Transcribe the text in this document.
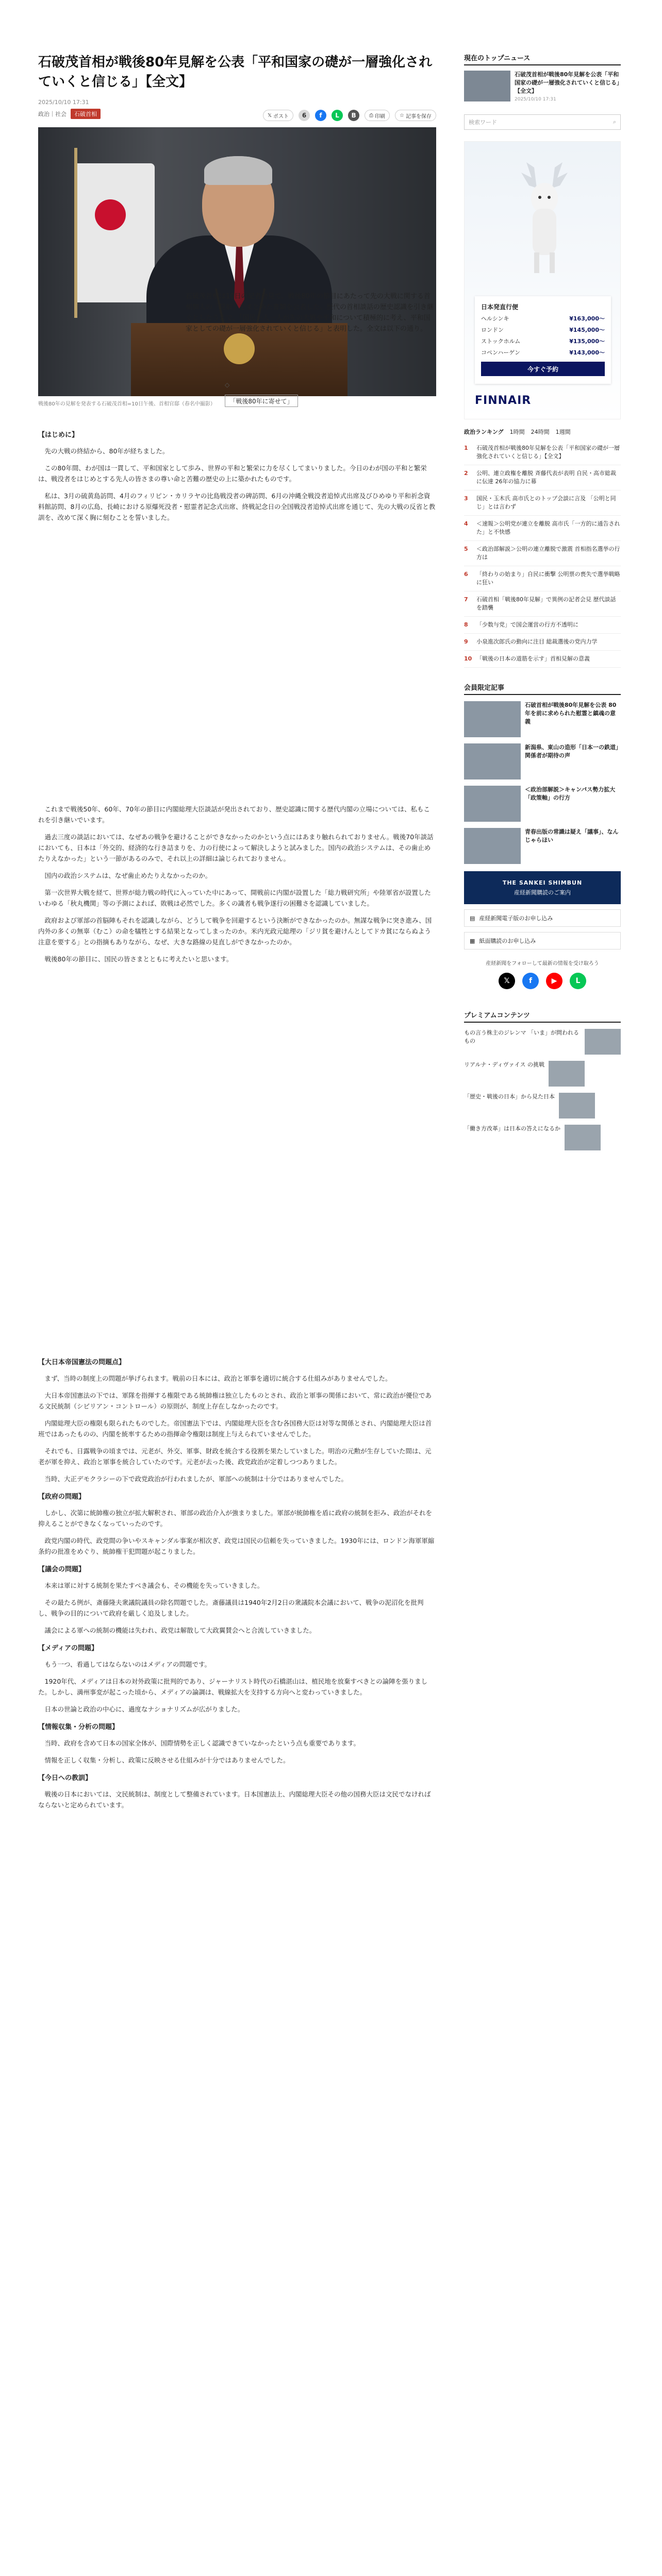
石破茂首相が戦後80年見解を公表「平和国家の礎が一層強化されていくと信じる」【全文】
2025/10/10 17:31
政治｜社会	石破首相	𝕏 ポスト	6	f	L	B	⎙ 印刷	☆ 記事を保存
戦後80年の見解を発表する石破茂首相=10日午後、首相官邸（春名中撮影）
石破茂首相は10日の記者会見で、戦後80年の節目にあたって先の大戦に関する首相個人の「見解」をまとめた書類を公表した。歴代の首相談話の歴史認識を引き継ぐとしたうえで、「国民一人一人が先の大戦や平和について積極的に考え、平和国家としての礎が一層強化されていくと信じる」と表明した。全文は以下の通り。
◇
「戦後80年に寄せて」
【はじめに】

先の大戦の終結から、80年が経ちました。

この80年間、わが国は一貫して、平和国家として歩み、世界の平和と繁栄に力を尽くしてまいりました。今日のわが国の平和と繁栄は、戦没者をはじめとする先人の皆さまの尊い命と苦難の歴史の上に築かれたものです。

私は、3月の硫黄島訪問、4月のフィリピン・カリラヤの比島戦没者の碑訪問、6月の沖縄全戦没者追悼式出席及びひめゆり平和祈念資料館訪問、8月の広島、長崎における原爆死没者・慰霊者記念式出席、終戦記念日の全国戦没者追悼式出席を通じて、先の大戦の反省と教訓を、改めて深く胸に刻むことを誓いました。

これまで戦後50年、60年、70年の節目に内閣総理大臣談話が発出されており、歴史認識に関する歴代内閣の立場については、私もこれを引き継いでいます。

過去三度の談話においては、なぜあの戦争を避けることができなかったのかという点にはあまり触れられておりません。戦後70年談話においても、日本は「外交的、経済的な行き詰まりを、力の行使によって解決しようと試みました。国内の政治システムは、その歯止めたりえなかった」という一節があるのみで、それ以上の詳細は論じられておりません。

国内の政治システムは、なぜ歯止めたりえなかったのか。

第一次世界大戦を経て、世界が総力戦の時代に入っていた中にあって、開戦前に内閣が設置した「総力戦研究所」や陸軍省が設置したいわゆる「秋丸機関」等の予測によれば、敗戦は必然でした。多くの識者も戦争遂行の困難さを認識していました。

政府および軍部の首脳陣もそれを認識しながら、どうして戦争を回避するという決断ができなかったのか。無謀な戦争に突き進み、国内外の多くの無辜（むこ）の命を犠牲とする結果となってしまったのか。米内光政元総理の「ジリ貧を避けんとしてドカ貧にならぬよう注意を要する」との指摘もありながら、なぜ、大きな路線の見直しができなかったのか。

戦後80年の節目に、国民の皆さまとともに考えたいと思います。

【大日本帝国憲法の問題点】

まず、当時の制度上の問題が挙げられます。戦前の日本には、政治と軍事を適切に統合する仕組みがありませんでした。

大日本帝国憲法の下では、軍隊を指揮する権限である統帥権は独立したものとされ、政治と軍事の関係において、常に政治が優位である文民統制（シビリアン・コントロール）の原則が、制度上存在しなかったのです。

内閣総理大臣の権限も限られたものでした。帝国憲法下では、内閣総理大臣を含む各国務大臣は対等な関係とされ、内閣総理大臣は首班ではあったものの、内閣を統率するための指揮命令権限は制度上与えられていませんでした。

それでも、日露戦争の頃までは、元老が、外交、軍事、財政を統合する役割を果たしていました。明治の元勲が生存していた間は、元老が軍を抑え、政治と軍事を統合していたのです。元老が去った後、政党政治が定着しつつありました。

当時、大正デモクラシーの下で政党政治が行われましたが、軍部への統制は十分ではありませんでした。

【政府の問題】

しかし、次第に統帥権の独立が拡大解釈され、軍部の政治介入が強まりました。軍部が統帥権を盾に政府の統制を拒み、政治がそれを抑えることができなくなっていったのです。

政党内閣の時代、政党間の争いやスキャンダル事案が相次ぎ、政党は国民の信頼を失っていきました。1930年には、ロンドン海軍軍縮条約の批准をめぐり、統帥権干犯問題が起こりました。

【議会の問題】

本来は軍に対する統制を果たすべき議会も、その機能を失っていきました。

その最たる例が、斎藤隆夫衆議院議員の除名問題でした。斎藤議員は1940年2月2日の衆議院本会議において、戦争の泥沼化を批判し、戦争の目的について政府を厳しく追及しました。

議会による軍への統制の機能は失われ、政党は解散して大政翼賛会へと合流していきました。

【メディアの問題】

もう一つ、看過してはならないのはメディアの問題です。

1920年代、メディアは日本の対外政策に批判的であり、ジャーナリスト時代の石橋湛山は、植民地を放棄すべきとの論陣を張りました。しかし、満州事変が起こった頃から、メディアの論調は、戦線拡大を支持する方向へと変わっていきました。

日本の世論と政治の中心に、過度なナショナリズムが広がりました。

【情報収集・分析の問題】

当時、政府を含めて日本の国家全体が、国際情勢を正しく認識できていなかったという点も重要であります。

情報を正しく収集・分析し、政策に反映させる仕組みが十分ではありませんでした。

【今日への教訓】

戦後の日本においては、文民統制は、制度として整備されています。日本国憲法上、内閣総理大臣その他の国務大臣は文民でなければならないと定められています。

現在のトップニュース
石破茂首相が戦後80年見解を公表「平和国家の礎が一層強化されていくと信じる」【全文】
2025/10/10 17:31
検索ワード	⌕
日本発直行便
ヘルシンキ	¥163,000〜
ロンドン	¥145,000〜
ストックホルム	¥135,000〜
コペンハーゲン	¥143,000〜
今すぐ予約
FINNAIR
政治ランキング 1時間 24時間 1週間
1	石破茂首相が戦後80年見解を公表「平和国家の礎が一層強化されていくと信じる」【全文】
2	公明、連立政権を離脱 斉藤代表が表明 自民・高市総裁に伝達 26年の協力に幕
3	国民・玉木氏 高市氏とのトップ会談に言及 「公明と同じ」とは言わず
4	＜速報＞公明党が連立を離脱 高市氏「一方的に通告された」と不快感
5	＜政治部解説＞公明の連立離脱で激震 首相指名選挙の行方は
6	「終わりの始まり」自民に衝撃 公明票の喪失で選挙戦略に狂い
7	石破首相「戦後80年見解」で異例の記者会見 歴代談話を踏襲
8	「少数与党」で国会運営の行方不透明に
9	小泉進次郎氏の動向に注目 総裁選後の党内力学
10 「戦後の日本の道筋を示す」首相見解の意義
会員限定記事
石破首相が戦後80年見解を公表 80年を前に求められた慰霊と鎮魂の意義
新潟県、東山の造形「日本一の鉄道」関係者が期待の声
＜政治部解説＞キャンパス勢力拡大 「政策軸」の行方
青春出版の常識は疑え「議事」、なんじゃらほい
THE SANKEI SHIMBUN
産経新聞購読のご案内
▤ 産経新聞電子版のお申し込み
▦ 紙面購読のお申し込み
産経新聞をフォローして最新の情報を受け取ろう
𝕏	f	▶	L
プレミアムコンテンツ
もの言う株主のジレンマ 「いま」が問われるもの
リアルナ・ディヴァイス の挑戦
「歴史・戦後の日本」から見た日本
「働き方改革」は日本の答えになるか
